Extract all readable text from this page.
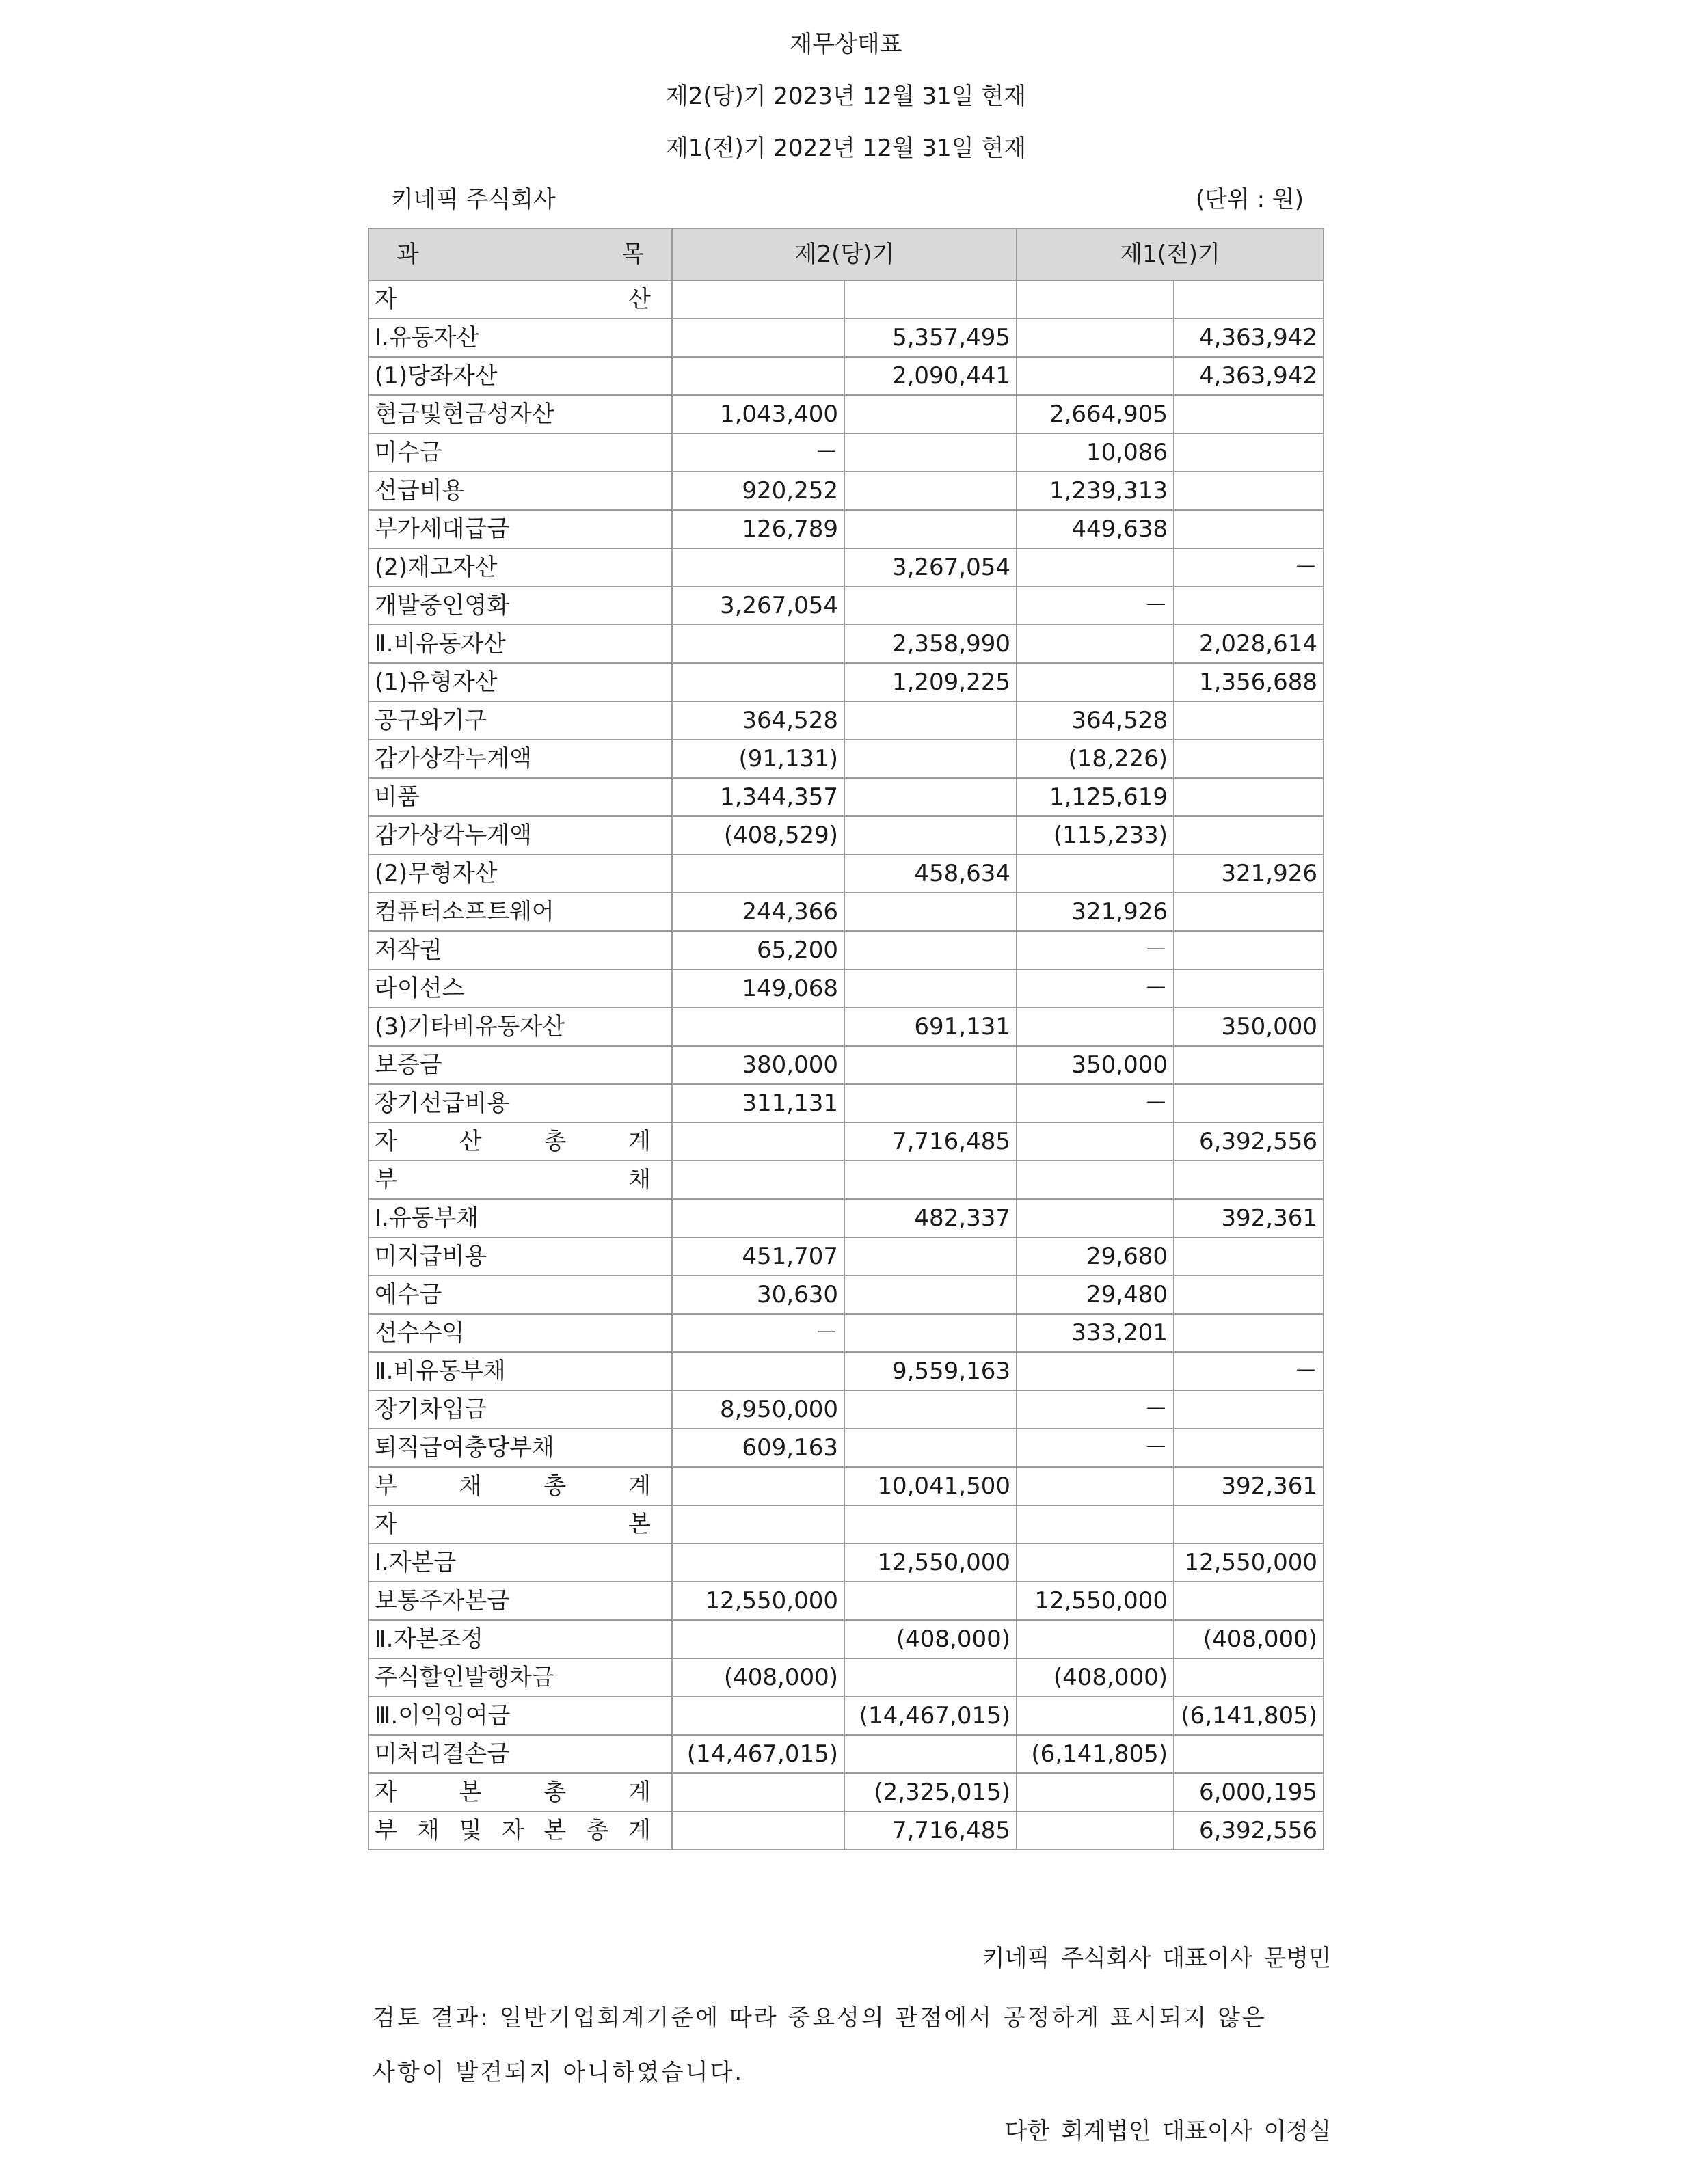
재무상태표
제2(당)기 2023년 12월 31일 현재
제1(전)기 2022년 12월 31일 현재
키네픽 주식회사	(단위 : 원)
과 목	제2(당)기		제1(전)기	
자 산				
Ⅰ.유동자산		5,357,495		4,363,942
(1)당좌자산		2,090,441		4,363,942
현금및현금성자산	1,043,400		2,664,905	
미수금	－		10,086	
선급비용	920,252		1,239,313	
부가세대급금	126,789		449,638	
(2)재고자산		3,267,054		－
개발중인영화	3,267,054		－	
Ⅱ.비유동자산		2,358,990		2,028,614
(1)유형자산		1,209,225		1,356,688
공구와기구	364,528		364,528	
감가상각누계액	(91,131)		(18,226)	
비품	1,344,357		1,125,619	
감가상각누계액	(408,529)		(115,233)	
(2)무형자산		458,634		321,926
컴퓨터소프트웨어	244,366		321,926	
저작권	65,200		－	
라이선스	149,068		－	
(3)기타비유동자산		691,131		350,000
보증금	380,000		350,000	
장기선급비용	311,131		－	
자 산 총 계		7,716,485		6,392,556
부 채				
Ⅰ.유동부채		482,337		392,361
미지급비용	451,707		29,680	
예수금	30,630		29,480	
선수수익	－		333,201	
Ⅱ.비유동부채		9,559,163		－
장기차입금	8,950,000		－	
퇴직급여충당부채	609,163		－	
부 채 총 계		10,041,500		392,361
자 본				
Ⅰ.자본금		12,550,000		12,550,000
보통주자본금	12,550,000		12,550,000	
Ⅱ.자본조정		(408,000)		(408,000)
주식할인발행차금	(408,000)		(408,000)	
Ⅲ.이익잉여금		(14,467,015)		(6,141,805)
미처리결손금	(14,467,015)		(6,141,805)	
자 본 총 계		(2,325,015)		6,000,195
부 채 및 자 본 총 계		7,716,485		6,392,556
키네픽 주식회사 대표이사 문병민
검토 결과: 일반기업회계기준에 따라 중요성의 관점에서 공정하게 표시되지 않은
사항이 발견되지 아니하였습니다.
다한 회계법인 대표이사 이정실
